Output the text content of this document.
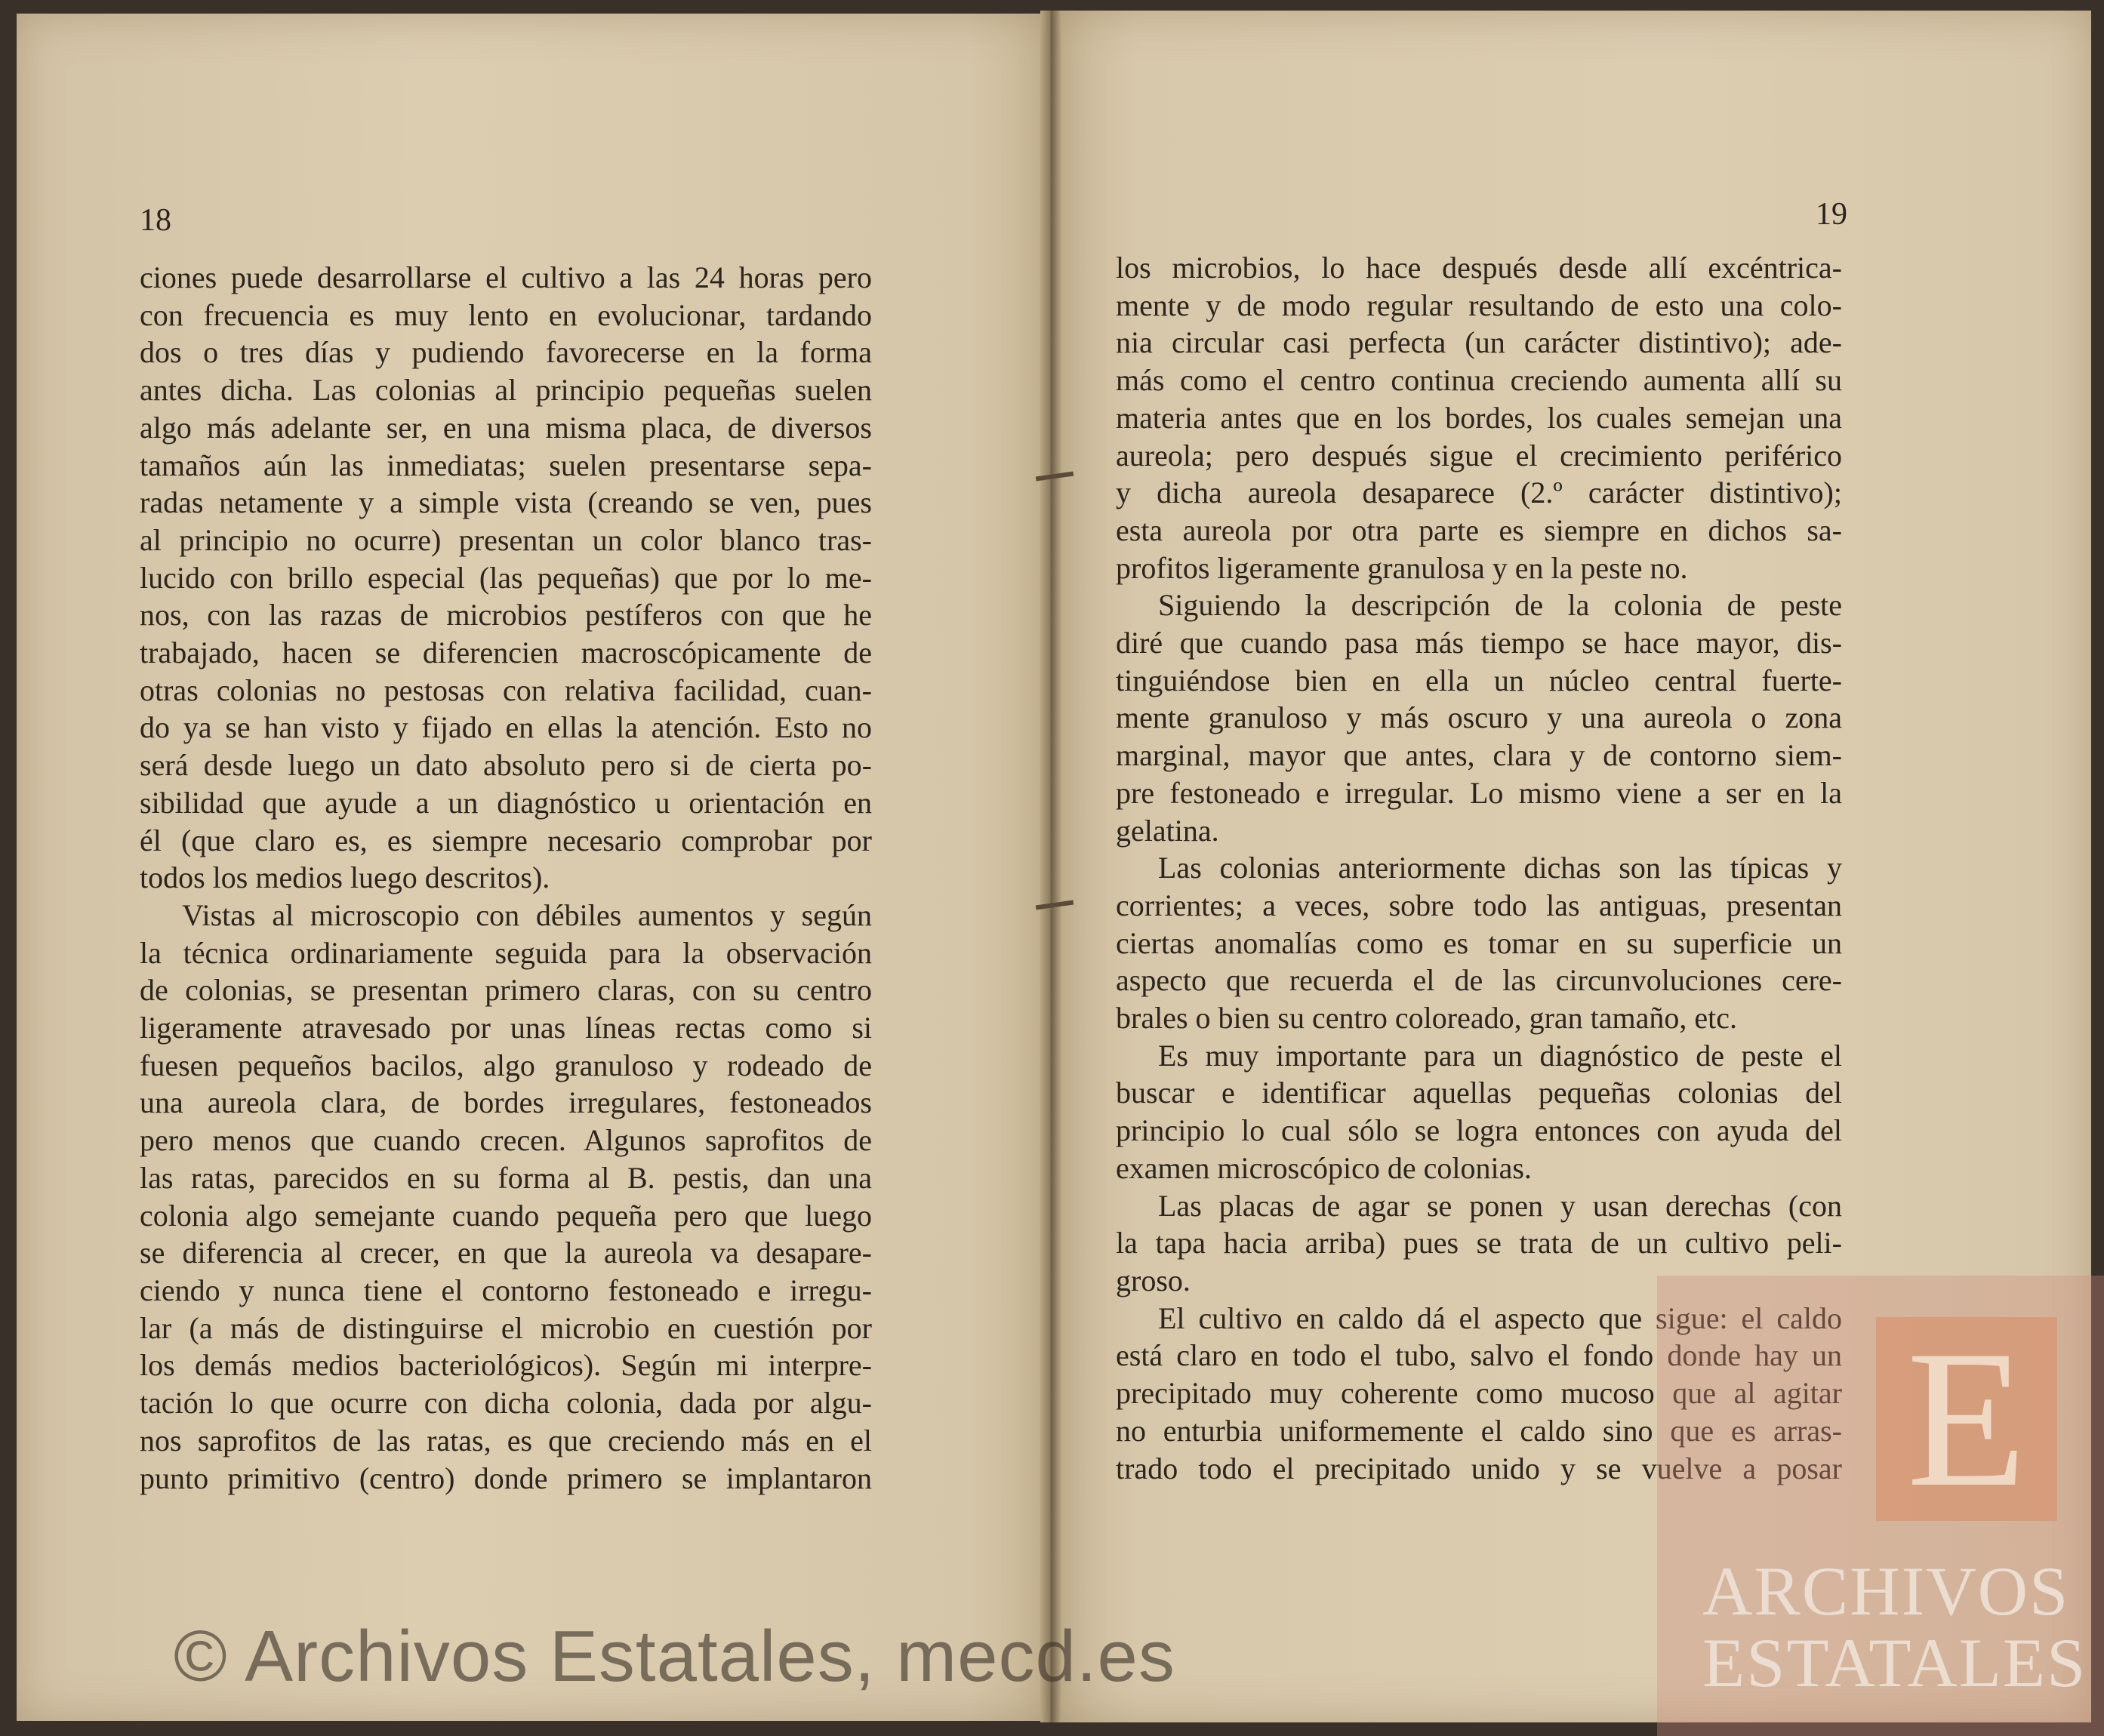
18	19
ciones puede desarrollarse el cultivo a las 24 horas pero
con frecuencia es muy lento en evolucionar, tardando
dos o tres días y pudiendo favorecerse en la forma
antes dicha. Las colonias al principio pequeñas suelen
algo más adelante ser, en una misma placa, de diversos
tamaños aún las inmediatas; suelen presentarse sepa-
radas netamente y a simple vista (creando se ven, pues
al principio no ocurre) presentan un color blanco tras-
lucido con brillo especial (las pequeñas) que por lo me-
nos, con las razas de microbios pestíferos con que he
trabajado, hacen se diferencien macroscópicamente de
otras colonias no pestosas con relativa facilidad, cuan-
do ya se han visto y fijado en ellas la atención. Esto no
será desde luego un dato absoluto pero si de cierta po-
sibilidad que ayude a un diagnóstico u orientación en
él (que claro es, es siempre necesario comprobar por
todos los medios luego descritos).
Vistas al microscopio con débiles aumentos y según
la técnica ordinariamente seguida para la observación
de colonias, se presentan primero claras, con su centro
ligeramente atravesado por unas líneas rectas como si
fuesen pequeños bacilos, algo granuloso y rodeado de
una aureola clara, de bordes irregulares, festoneados
pero menos que cuando crecen. Algunos saprofitos de
las ratas, parecidos en su forma al B. pestis, dan una
colonia algo semejante cuando pequeña pero que luego
se diferencia al crecer, en que la aureola va desapare-
ciendo y nunca tiene el contorno festoneado e irregu-
lar (a más de distinguirse el microbio en cuestión por
los demás medios bacteriológicos). Según mi interpre-
tación lo que ocurre con dicha colonia, dada por algu-
nos saprofitos de las ratas, es que creciendo más en el
punto primitivo (centro) donde primero se implantaron
los microbios, lo hace después desde allí excéntrica-
mente y de modo regular resultando de esto una colo-
nia circular casi perfecta (un carácter distintivo); ade-
más como el centro continua creciendo aumenta allí su
materia antes que en los bordes, los cuales semejan una
aureola; pero después sigue el crecimiento periférico
y dicha aureola desaparece (2.º carácter distintivo);
esta aureola por otra parte es siempre en dichos sa-
profitos ligeramente granulosa y en la peste no.
Siguiendo la descripción de la colonia de peste
diré que cuando pasa más tiempo se hace mayor, dis-
tinguiéndose bien en ella un núcleo central fuerte-
mente granuloso y más oscuro y una aureola o zona
marginal, mayor que antes, clara y de contorno siem-
pre festoneado e irregular. Lo mismo viene a ser en la
gelatina.
Las colonias anteriormente dichas son las típicas y
corrientes; a veces, sobre todo las antiguas, presentan
ciertas anomalías como es tomar en su superficie un
aspecto que recuerda el de las circunvoluciones cere-
brales o bien su centro coloreado, gran tamaño, etc.
Es muy importante para un diagnóstico de peste el
buscar e identificar aquellas pequeñas colonias del
principio lo cual sólo se logra entonces con ayuda del
examen microscópico de colonias.
Las placas de agar se ponen y usan derechas (con
la tapa hacia arriba) pues se trata de un cultivo peli-
groso.
El cultivo en caldo dá el aspecto que sigue: el caldo
está claro en todo el tubo, salvo el fondo donde hay un
precipitado muy coherente como mucoso que al agitar
no enturbia uniformemente el caldo sino que es arras-
trado todo el precipitado unido y se vuelve a posar E
ARCHIVOS
ESTATALES
© Archivos Estatales, mecd.es
